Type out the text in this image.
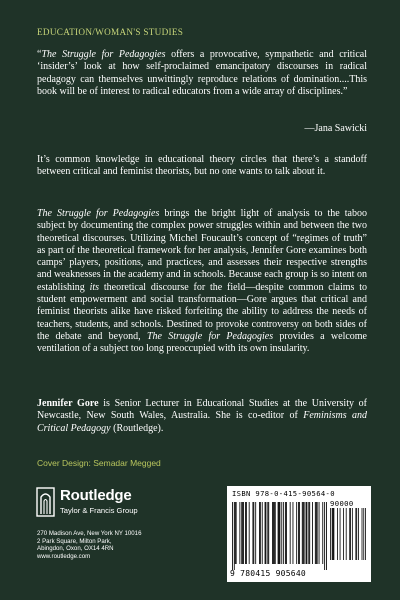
EDUCATION/WOMAN'S STUDIES
“The Struggle for Pedagogies offers a provocative, sympathetic and critical ‘insider’s’ look at how self-proclaimed emancipatory discourses in radical pedagogy can themselves unwittingly reproduce relations of domination....This book will be of interest to radical educators from a wide array of disciplines.”
—Jana Sawicki
It’s common knowledge in educational theory circles that there’s a standoff between critical and feminist theorists, but no one wants to talk about it.
The Struggle for Pedagogies brings the bright light of analysis to the taboo subject by documenting the complex power struggles within and between the two theoretical discourses. Utilizing Michel Foucault’s concept of “regimes of truth” as part of the theoretical framework for her analysis, Jennifer Gore examines both camps’ players, positions, and practices, and assesses their respective strengths and weaknesses in the academy and in schools. Because each group is so intent on establishing its theoretical discourse for the field—despite common claims to student empowerment and social transformation—Gore argues that critical and feminist theorists alike have risked forfeiting the ability to address the needs of teachers, students, and schools. Destined to provoke controversy on both sides of the debate and beyond, The Struggle for Pedagogies provides a welcome ventilation of a subject too long preoccupied with its own insularity.
Jennifer Gore is Senior Lecturer in Educational Studies at the University of Newcastle, New South Wales, Australia. She is co-editor of Feminisms and Critical Pedagogy (Routledge).
Cover Design: Semadar Megged
Routledge
Taylor & Francis Group
270 Madison Ave, New York NY 10016
2 Park Square, Milton Park,
Abingdon, Oxon, OX14 4RN
www.routledge.com
ISBN 978-0-415-90564-0
90000
9 780415 905640
